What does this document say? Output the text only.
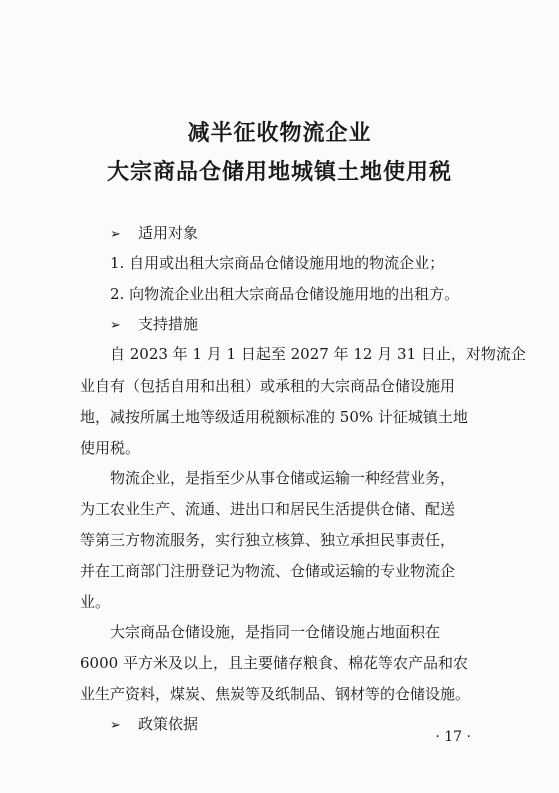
减半征收物流企业
大宗商品仓储用地城镇土地使用税
➢ 适用对象
1. 自用或出租大宗商品仓储设施用地的物流企业；
2. 向物流企业出租大宗商品仓储设施用地的出租方。
➢ 支持措施
自 2023 年 1 月 1 日起至 2027 年 12 月 31 日止，对物流企
业自有（包括自用和出租）或承租的大宗商品仓储设施用
地，减按所属土地等级适用税额标准的 50% 计征城镇土地
使用税。
物流企业，是指至少从事仓储或运输一种经营业务，
为工农业生产、流通、进出口和居民生活提供仓储、配送
等第三方物流服务，实行独立核算、独立承担民事责任，
并在工商部门注册登记为物流、仓储或运输的专业物流企
业。
大宗商品仓储设施，是指同一仓储设施占地面积在
6000 平方米及以上，且主要储存粮食、棉花等农产品和农
业生产资料，煤炭、焦炭等及纸制品、钢材等的仓储设施。
➢ 政策依据
· 17 ·
